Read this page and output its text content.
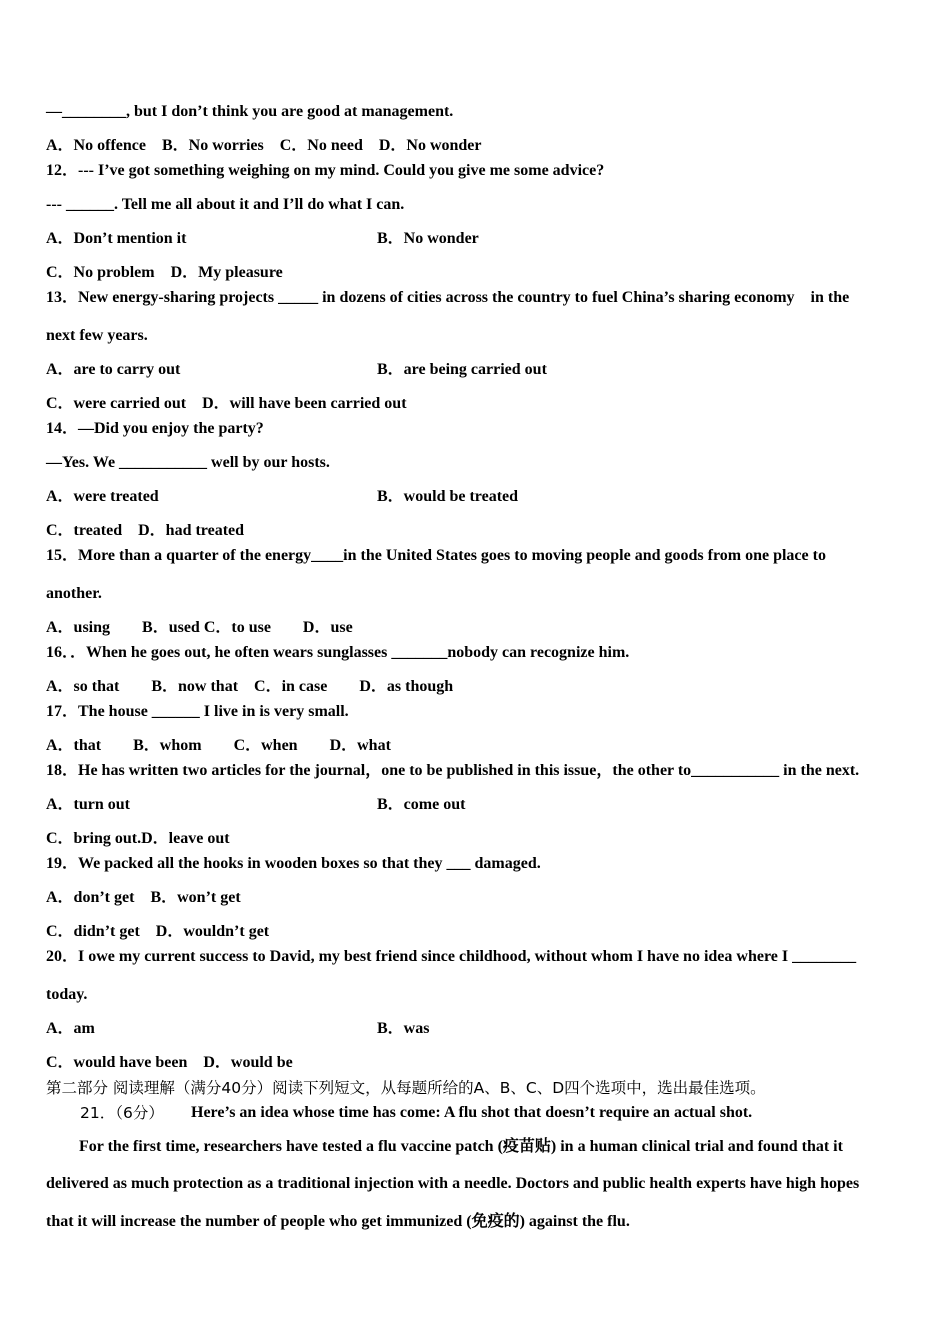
—________, but I don’t think you are good at management.
A．No offence　B．No worries　C．No need　D．No wonder
12．--- I’ve got something weighing on my mind. Could you give me some advice?
--- ______. Tell me all about it and I’ll do what I can.
A．Don’t mention it	B．No wonder
C．No problem　D．My pleasure
13．New energy-sharing projects _____ in dozens of cities across the country to fuel China’s sharing economy　in the
next few years.
A．are to carry out	B．are being carried out
C．were carried out　D．will have been carried out
14．—Did you enjoy the party?
—Yes. We ___________ well by our hosts.
A．were treated	B．would be treated
C．treated　D．had treated
15．More than a quarter of the energy____in the United States goes to moving people and goods from one place to
another.
A．using　　B．used C．to use　　D．use
16．．When he goes out, he often wears sunglasses _______nobody can recognize him.
A．so that　　B．now that　C．in case　　D．as though
17．The house ______ I live in is very small.
A．that　　B．whom　　C．when　　D．what
18．He has written two articles for the journal，one to be published in this issue，the other to___________ in the next.
A．turn out	B．come out
C．bring out.D．leave out
19．We packed all the hooks in wooden boxes so that they ___ damaged.
A．don’t get　B．won’t get
C．didn’t get　D．wouldn’t get
20．I owe my current success to David, my best friend since childhood, without whom I have no idea where I ________
today.
A．am	B．was
C．would have been　D．would be
第二部分 阅读理解（满分40分）阅读下列短文，从每题所给的A、B、C、D四个选项中，选出最佳选项。
21．（6分） Here’s an idea whose time has come: A flu shot that doesn’t require an actual shot.
For the first time, researchers have tested a flu vaccine patch (疫苗贴) in a human clinical trial and found that it
delivered as much protection as a traditional injection with a needle. Doctors and public health experts have high hopes
that it will increase the number of people who get immunized (免疫的) against the flu.
